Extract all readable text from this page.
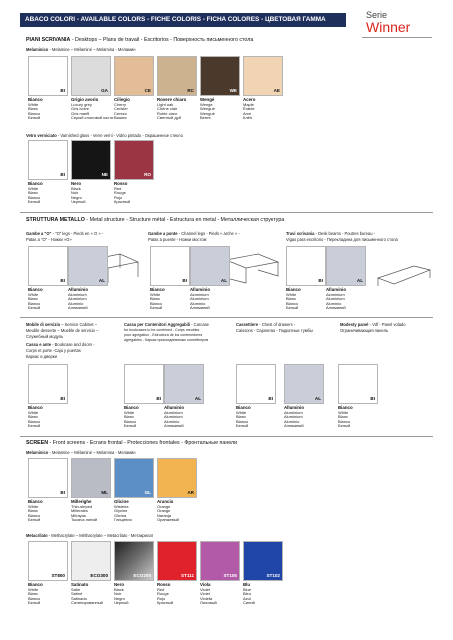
ABACO COLORI - AVAILABLE COLORS - FICHE COLORIS - FICHA COLORES - ЦВЕТОВАЯ ГАММА	Serie
Winner
PIANI SCRIVANIA - Desktops – Plans de travail - Escritorios - Поверхность письменного стола
Melaminico - Melamine – Mélaminé – Melamina - Меламин
Vetro verniciato - Varnished glass - Verre verni - Vidrio pintado - Окрашенное стекло
STRUTTURA METALLO - Metal structure - Structure métal - Estructura en metal - Металлическая структура
Gambe a "O" - "O" legs - Pieds en « O » -
Patas a "O" - Ножки «O»
Gambe a ponte - Channel legs - Pieds « arche » -
Patas a puente - Ножки мостом
Travi scrivania - Desk beams - Poutres bureau -
Vigas para escritorio - Перекладина для письменного стола
Mobile di servizio – Service Cabinet –
Meuble desserte – Mueble de servicio –
Служебный модуль
Cassa e ante - Bookcase and doors -
Corps et porte -Caja y puertas
Каркас и дверки
Cassa per Contenitori Aggregabili - Carcase
for bookcases to be combined - Corps meubles
pour agrégation - Estructura de los contenedores
agregables - Каркас присоединяемых контейнеров
Cassettiere - Chest of drawers -
Caissons - Cajoneras - Подкатные тумбы
Modesty panel - Vdf - Panel volado
Ограничивающая панель
SCREEN - Front screens - Ecrans frontal - Protecciones frontales - Фронтальные панели
Melaminico - Melamine – Mélaminé – Melamina - Меламин
Metacrilato - Methacrylate – Méthacrylate – Metacrilato - Метакрилат
BI
Bianco
White
Blanc
Blanco
Белый
GA
Grigio avorio
Luxury grey
Gris ivoire
Gris marfil
Серый слоновой кости
CE
Ciliegio
Cherry
Cerisier
Cerezo
Вишня
RC
Rovere chiaro
Light oak
Chêne clair
Roble claro
Светлый дуб
WE
Wengé
Wenge
Wengué
Wengué
Венге
AE
Acero
Maple
Érable
Arce
Клён
BI
Bianco
White
Blanc
Blanco
Белый
NE
Nero
Black
Noir
Negro
Черный
RO
Rosso
Red
Rouge
Rojo
Красный
BI
Bianco
White
Blanc
Blanco
Белый
AL
Alluminio
Aluminium
Aluminium
Aluminio
Алюминий
BI
Bianco
White
Blanc
Blanco
Белый
AL
Alluminio
Aluminium
Aluminium
Aluminio
Алюминий
BI
Bianco
White
Blanc
Blanco
Белый
AL
Alluminio
Aluminium
Aluminium
Aluminio
Алюминий
BI
Bianco
White
Blanc
Blanco
Белый
BI
Bianco
White
Blanc
Blanco
Белый
AL
Alluminio
Aluminium
Aluminium
Aluminio
Алюминий
BI
Bianco
White
Blanc
Blanco
Белый
AL
Alluminio
Aluminium
Aluminium
Aluminio
Алюминий
BI
Bianco
White
Blanc
Blanco
Белый
BI
Bianco
White
Blanc
Blanco
Белый
ML
Millerighe
Thin-striped
Millerales
Milrayas
Тысяча линий
GL
Glicine
Wisteria
Glycine
Glicina
Глициния
AR
Arancio
Orange
Orange
Naranja
Оранжевый
ST800
Bianco
White
Blanc
Blanco
Белый
ECO300
Satinato
Satin
Satiné
Satinado
Сатинированный
ECO200
Nero
Black
Noir
Negro
Черный
ST111
Rosso
Red
Rouge
Rojo
Красный
ST105
Viola
Violet
Violet
Violeta
Лиловый
ST102
Blu
Blue
Bleu
Azul
Синий
